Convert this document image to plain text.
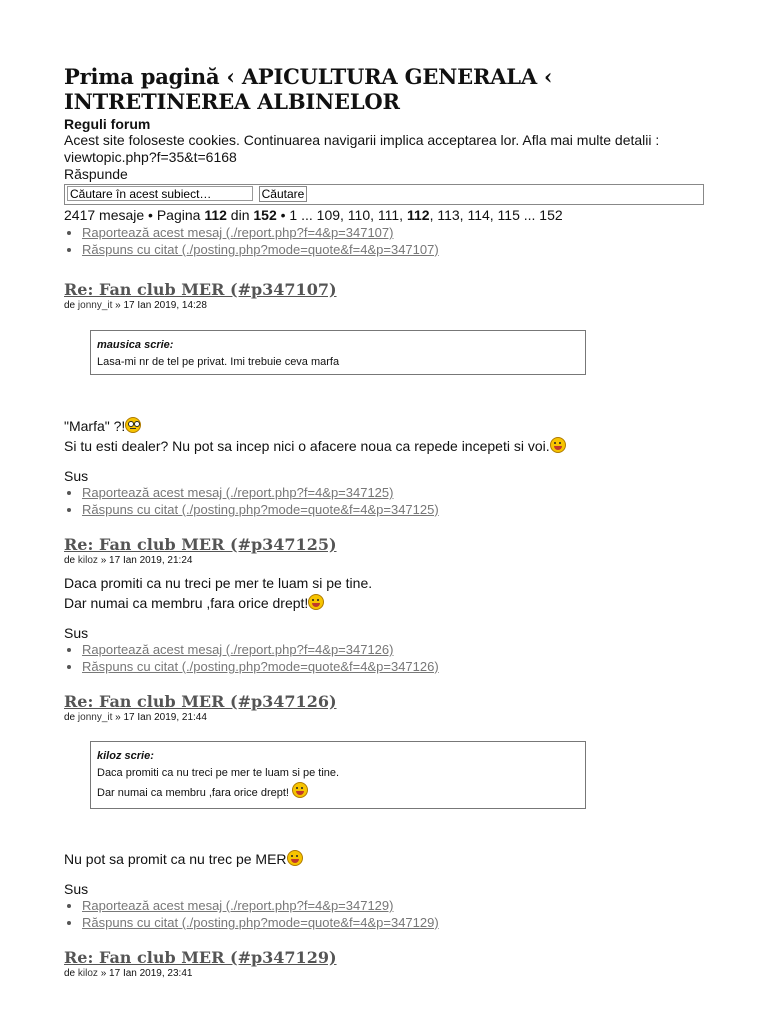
Prima pagină ‹ APICULTURA GENERALA ‹ INTRETINEREA ALBINELOR
Reguli forum
Acest site foloseste cookies. Continuarea navigarii implica acceptarea lor. Afla mai multe detalii : viewtopic.php?f=35&t=6168
Răspunde
Căutare în acest subiect…
Căutare
2417 mesaje • Pagina 112 din 152 • 1 ... 109, 110, 111, 112, 113, 114, 115 ... 152
• Raportează acest mesaj (./report.php?f=4&p=347107)
• Răspuns cu citat (./posting.php?mode=quote&f=4&p=347107)
Re: Fan club MER (#p347107)
de jonny_it » 17 Ian 2019, 14:28
mausica scrie:
Lasa-mi nr de tel pe privat. Imi trebuie ceva marfa
"Marfa" ?!
Si tu esti dealer? Nu pot sa incep nici o afacere noua ca repede incepeti si voi.
Sus
• Raportează acest mesaj (./report.php?f=4&p=347125)
• Răspuns cu citat (./posting.php?mode=quote&f=4&p=347125)
Re: Fan club MER (#p347125)
de kiloz » 17 Ian 2019, 21:24
Daca promiti ca nu treci pe mer te luam si pe tine.
Dar numai ca membru ,fara orice drept!
Sus
• Raportează acest mesaj (./report.php?f=4&p=347126)
• Răspuns cu citat (./posting.php?mode=quote&f=4&p=347126)
Re: Fan club MER (#p347126)
de jonny_it » 17 Ian 2019, 21:44
kiloz scrie:
Daca promiti ca nu treci pe mer te luam si pe tine.
Dar numai ca membru ,fara orice drept!
Nu pot sa promit ca nu trec pe MER
Sus
• Raportează acest mesaj (./report.php?f=4&p=347129)
• Răspuns cu citat (./posting.php?mode=quote&f=4&p=347129)
Re: Fan club MER (#p347129)
de kiloz » 17 Ian 2019, 23:41
